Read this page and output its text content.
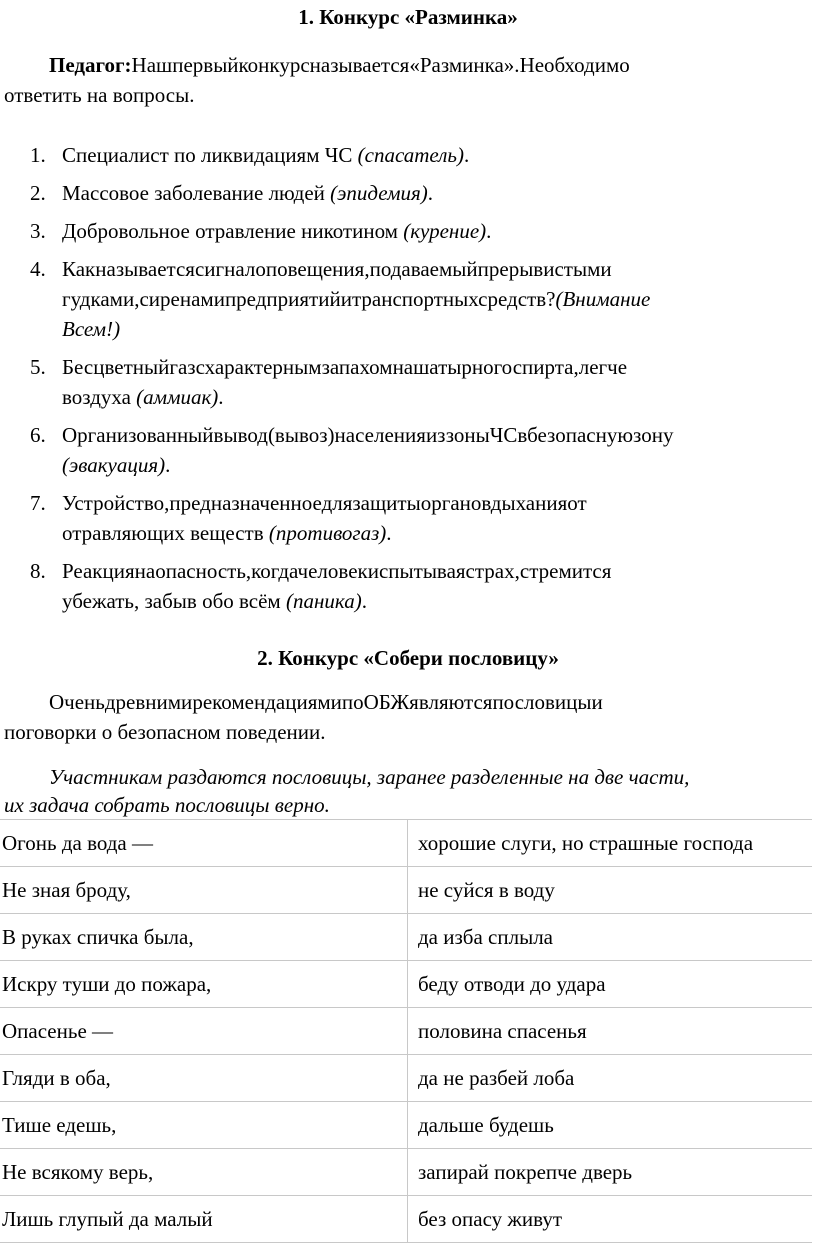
1. Конкурс «Разминка»
Педагог:Нашпервыйконкурсназывается«Разминка».Необходимо
ответить на вопросы.
1. Специалист по ликвидациям ЧС (спасатель).
2. Массовое заболевание людей (эпидемия).
3. Добровольное отравление никотином (курение).
4. Какназываетсясигналоповещения,подаваемыйпрерывистыми
гудками,сиренамипредприятийитранспортныхсредств?(Внимание
Всем!)
5. Бесцветныйгазсхарактернымзапахомнашатырногоспирта,легче
воздуха (аммиак).
6. Организованныйвывод(вывоз)населенияиззоныЧСвбезопаснуюзону
(эвакуация).
7. Устройство,предназначенноедлязащитыоргановдыханияот
отравляющих веществ (противогаз).
8. Реакциянаопасность,когдачеловекиспытываястрах,стремится
убежать, забыв обо всём (паника).
2. Конкурс «Собери пословицу»
ОченьдревнимирекомендациямипоОБЖявляютсяпословицыи
поговорки о безопасном поведении.
Участникам раздаются пословицы, заранее разделенные на две части,
их задача собрать пословицы верно.
Огонь да вода —	хорошие слуги, но страшные господа
Не зная броду,	не суйся в воду
В руках спичка была,	да изба сплыла
Искру туши до пожара,	беду отводи до удара
Опасенье —	половина спасенья
Гляди в оба,	да не разбей лоба
Тише едешь,	дальше будешь
Не всякому верь,	запирай покрепче дверь
Лишь глупый да малый	без опасу живут
